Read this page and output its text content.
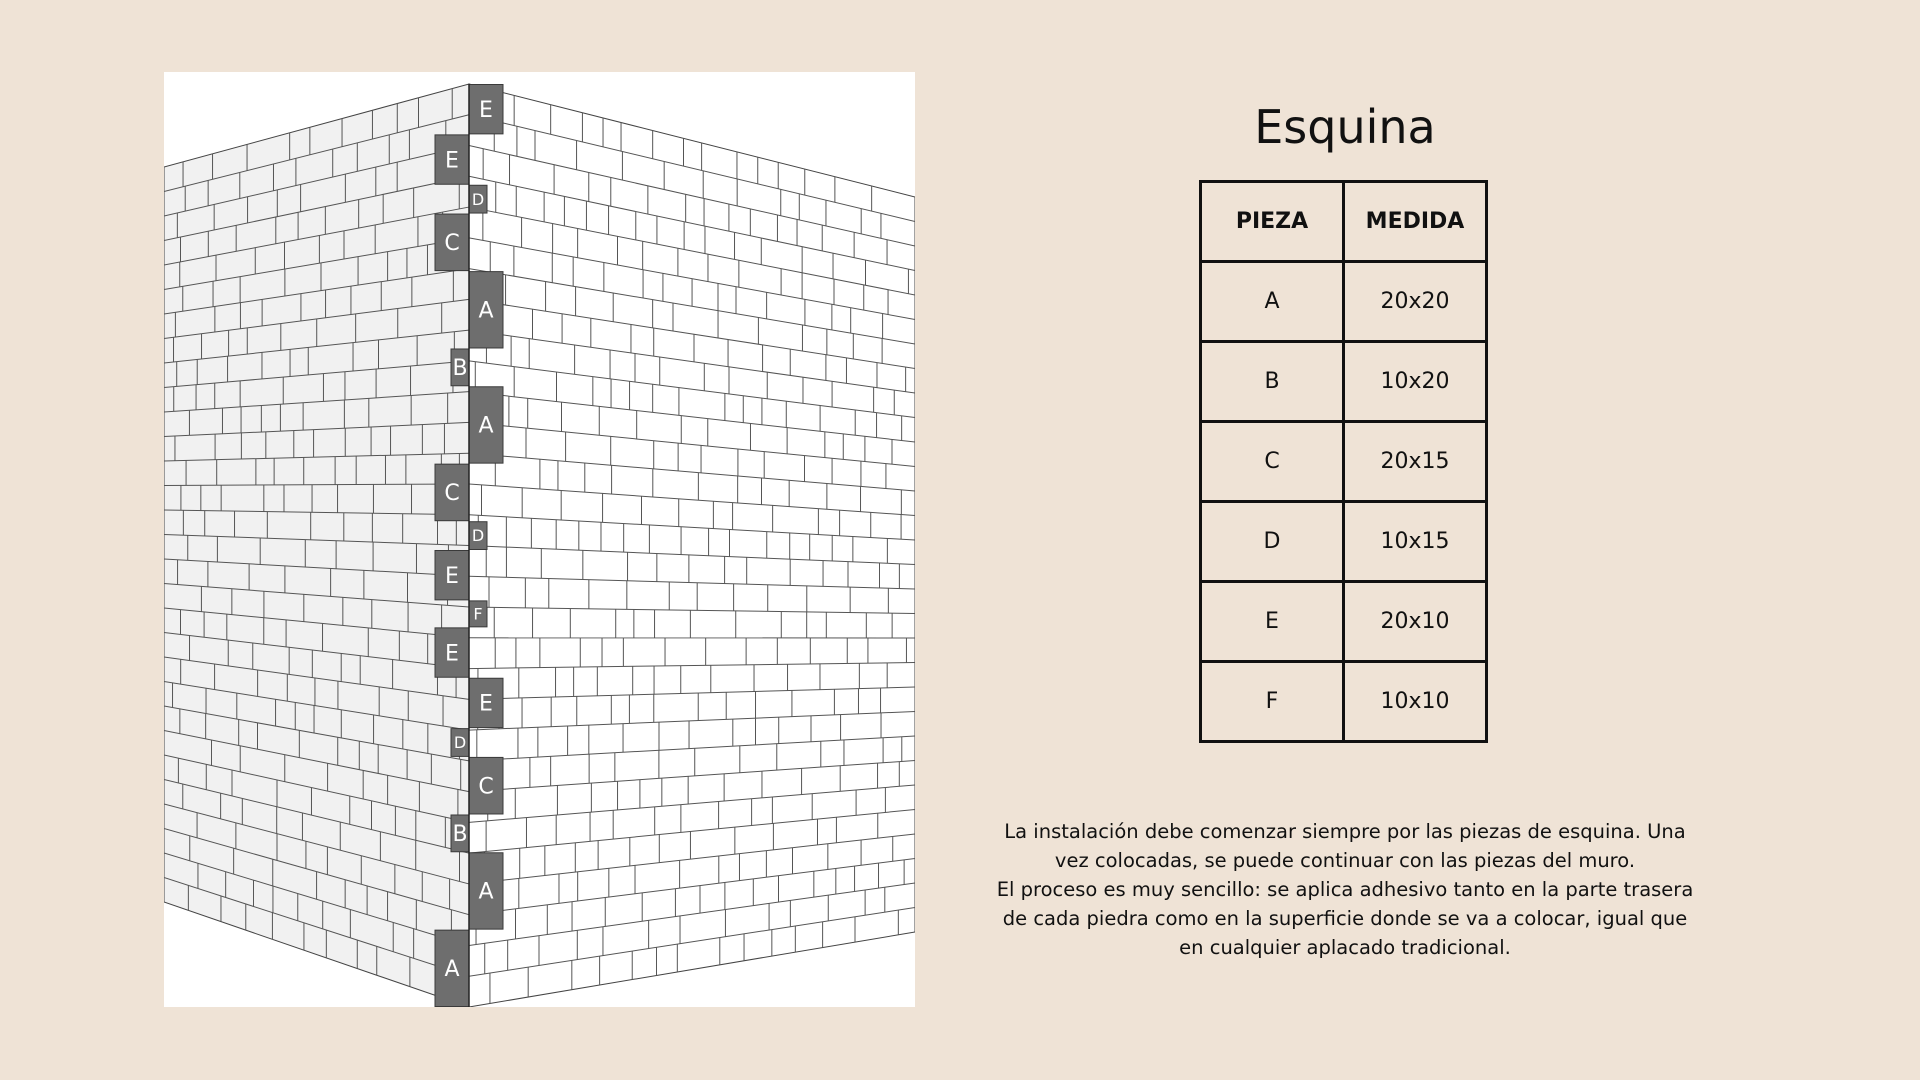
E
E
D
C
A
B
A
C
D
E
F
E
E
D
C
B
A
A
Esquina
PIEZA	MEDIDA
A	20x20
B	10x20
C	20x15
D	10x15
E	20x10
F	10x10

La instalación debe comenzar siempre por las piezas de esquina. Una vez colocadas, se puede continuar con las piezas del muro.

El proceso es muy sencillo: se aplica adhesivo tanto en la parte trasera de cada piedra como en la superficie donde se va a colocar, igual que en cualquier aplacado tradicional.
